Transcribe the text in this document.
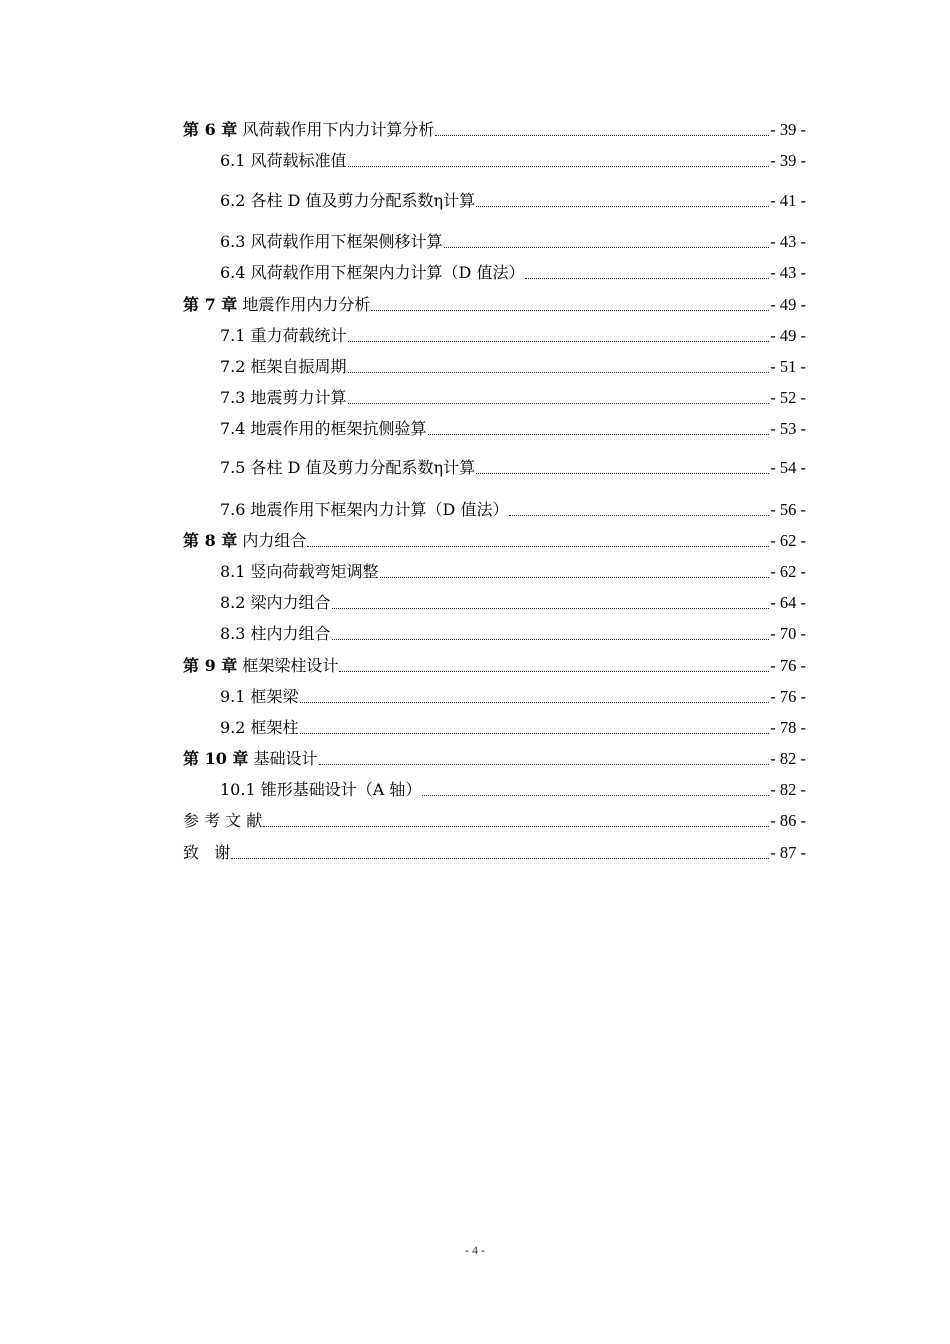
第 6 章 风荷载作用下内力计算分析	- 39 -
6.1 风荷载标准值	- 39 -
6.2 各柱 D 值及剪力分配系数η计算	- 41 -
6.3 风荷载作用下框架侧移计算	- 43 -
6.4 风荷载作用下框架内力计算（D 值法）	- 43 -
第 7 章 地震作用内力分析	- 49 -
7.1 重力荷载统计	- 49 -
7.2 框架自振周期	- 51 -
7.3 地震剪力计算	- 52 -
7.4 地震作用的框架抗侧验算	- 53 -
7.5 各柱 D 值及剪力分配系数η计算	- 54 -
7.6 地震作用下框架内力计算（D 值法）	- 56 -
第 8 章 内力组合	- 62 -
8.1 竖向荷载弯矩调整	- 62 -
8.2 梁内力组合	- 64 -
8.3 柱内力组合	- 70 -
第 9 章 框架梁柱设计	- 76 -
9.1 框架梁	- 76 -
9.2 框架柱	- 78 -
第 10 章 基础设计	- 82 -
10.1 锥形基础设计（A 轴）	- 82 -
参 考 文 献	- 86 -
致   谢	- 87 -
- 4 -
